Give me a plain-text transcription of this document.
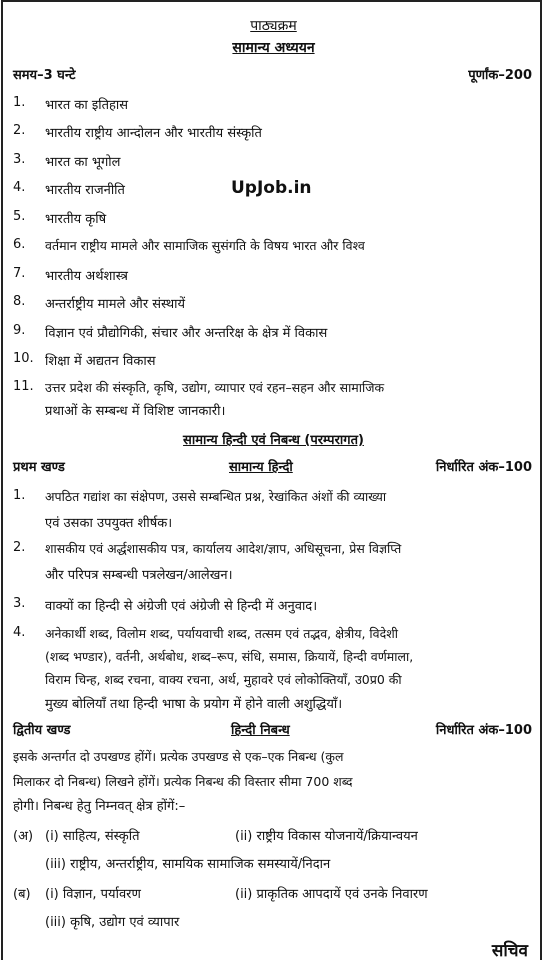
पाठ्यक्रम
सामान्य अध्ययन
समय–3 घन्टे	पूर्णांक–200
1. भारत का इतिहास
2. भारतीय राष्ट्रीय आन्दोलन और भारतीय संस्कृति
3. भारत का भूगोल
4. भारतीय राजनीति
5. भारतीय कृषि
6. वर्तमान राष्ट्रीय मामले और सामाजिक सुसंगति के विषय भारत और विश्व
7. भारतीय अर्थशास्त्र
8. अन्तर्राष्ट्रीय मामले और संस्थायें
9. विज्ञान एवं प्रौद्योगिकी, संचार और अन्तरिक्ष के क्षेत्र में विकास
10. शिक्षा में अद्यतन विकास
11. उत्तर प्रदेश की संस्कृति, कृषि, उद्योग, व्यापार एवं रहन–सहन और सामाजिक
प्रथाओं के सम्बन्ध में विशिष्ट जानकारी।
UpJob.in
सामान्य हिन्दी एवं निबन्ध (परम्परागत)
प्रथम खण्ड	सामान्य हिन्दी	निर्धारित अंक–100
1. अपठित गद्यांश का संक्षेपण, उससे सम्बन्धित प्रश्न, रेखांकित अंशों की व्याख्या
एवं उसका उपयुक्त शीर्षक।
2. शासकीय एवं अर्द्धशासकीय पत्र, कार्यालय आदेश/ज्ञाप, अधिसूचना, प्रेस विज्ञप्ति
और परिपत्र सम्बन्धी पत्रलेखन/आलेखन।
3. वाक्यों का हिन्दी से अंग्रेजी एवं अंग्रेजी से हिन्दी में अनुवाद।
4. अनेकार्थी शब्द, विलोम शब्द, पर्यायवाची शब्द, तत्सम एवं तद्भव, क्षेत्रीय, विदेशी
(शब्द भण्डार), वर्तनी, अर्थबोध, शब्द–रूप, संधि, समास, क्रियायें, हिन्दी वर्णमाला,
विराम चिन्ह, शब्द रचना, वाक्य रचना, अर्थ, मुहावरे एवं लोकोक्तियाँ, उ0प्र0 की
मुख्य बोलियाँ तथा हिन्दी भाषा के प्रयोग में होने वाली अशुद्धियाँ।
द्वितीय खण्ड	हिन्दी निबन्ध	निर्धारित अंक–100
इसके अन्तर्गत दो उपखण्ड होंगें। प्रत्येक उपखण्ड से एक–एक निबन्ध (कुल
मिलाकर दो निबन्ध) लिखने होंगें। प्रत्येक निबन्ध की विस्तार सीमा 700 शब्द
होगी। निबन्ध हेतु निम्नवत् क्षेत्र होंगें:–
(अ) (i) साहित्य, संस्कृति	(ii) राष्ट्रीय विकास योजनायें/क्रियान्वयन
(iii) राष्ट्रीय, अन्तर्राष्ट्रीय, सामयिक सामाजिक समस्यायें/निदान
(ब) (i) विज्ञान, पर्यावरण	(ii) प्राकृतिक आपदायें एवं उनके निवारण
(iii) कृषि, उद्योग एवं व्यापार
सचिव
